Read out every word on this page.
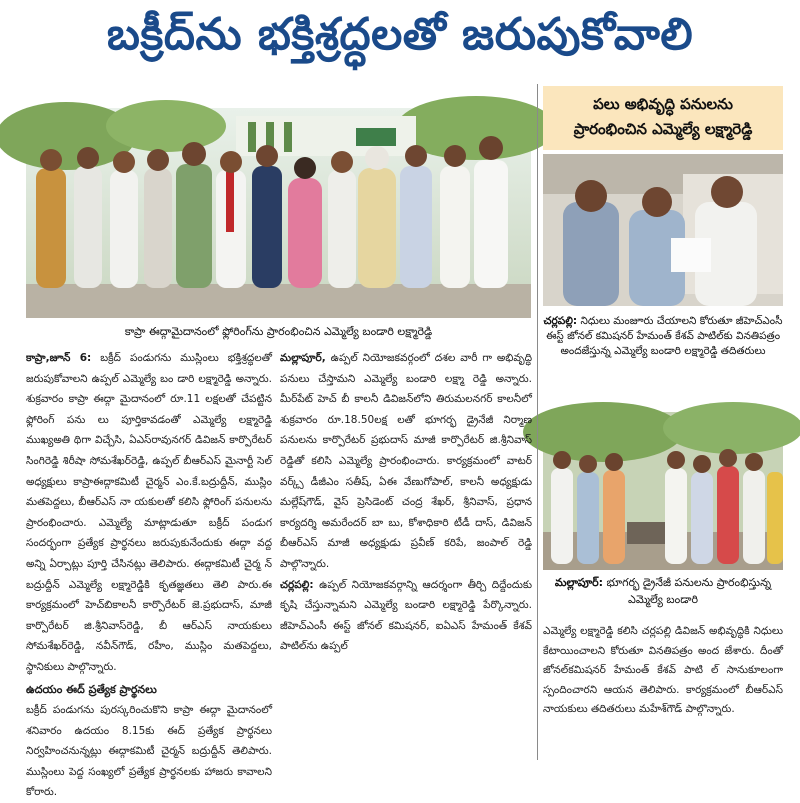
బక్రీద్‌ను భక్తిశ్రద్ధలతో జరుపుకోవాలి
కాప్రా ఈద్గామైదానంలో ఫ్లోరింగ్‌ను ప్రారంభించిన ఎమ్మెల్యే బండారి లక్ష్మారెడ్డి
పలు అభివృద్ధి పనులను
ప్రారంభించిన ఎమ్మెల్యే లక్ష్మారెడ్డి
చర్లపల్లి: నిధులు మంజూరు చేయాలని కోరుతూ జీహెచ్‌ఎంసీ ఈస్ట్ జోనల్ కమిషనర్ హేమంత్ కేశవ్ పాటిల్‌కు వినతిపత్రం అందజేస్తున్న ఎమ్మెల్యే బండారి లక్ష్మారెడ్డి తదితరులు
మల్లాపూర్: భూగర్భ డ్రైనేజీ పనులను ప్రారంభిస్తున్న ఎమ్మెల్యే బండారి
ఎమ్మెల్యే లక్ష్మారెడ్డి కలిసి చర్లపల్లి డివిజన్ అభివృద్ధికి నిధులు కేటాయించాలని కోరుతూ వినతిపత్రం అంద జేశారు. దీంతో జోనల్‌కమిషనర్ హేమంత్ కేశవ్ పాటి ల్ సానుకూలంగా స్పందించారని ఆయన తెలిపారు. కార్యక్రమంలో బీఆర్‌ఎస్ నాయకులు తదితరులు మహేశ్‌గౌడ్ పాల్గొన్నారు.

కాప్రా,జూన్ 6: బక్రీద్ పండుగను ముస్లింలు భక్తిశ్రద్ధలతో జరుపుకోవాలని ఉప్పల్ ఎమ్మెల్యే బం డారి లక్ష్మారెడ్డి అన్నారు. శుక్రవారం కాప్రా ఈద్గా మైదానంలో రూ.11 లక్షలతో చేపట్టిన ఫ్లోరింగ్ పను లు పూర్తికావడంతో ఎమ్మెల్యే లక్ష్మారెడ్డి ముఖ్యఅతి థిగా విచ్చేసి, ఏఎస్‌రావునగర్ డివిజన్ కార్పొరేటర్ సింగిరెడ్డి శిరీషా సోమశేఖర్‌రెడ్డి, ఉప్పల్ బీఆర్‌ఎస్ మైనార్టీ సెల్ అధ్యక్షులు కాప్రాఈద్గాకమిటీ చైర్మన్ ఎం.కే.బద్రుద్దీన్, ముస్లిం మతపెద్దలు, బీఆర్‌ఎస్ నా యకులతో కలిసి ఫ్లోరింగ్ పనులను ప్రారంభించారు. ఎమ్మెల్యే మాట్లాడుతూ బక్రీద్ పండుగ సందర్భంగా ప్రత్యేక ప్రార్థనలు జరుపుకునేందుకు ఈద్గా వద్ద అన్ని ఏర్పాట్లు పూర్తి చేసినట్లు తెలిపారు. ఈద్గాకమిటీ చైర్మ న్ బద్రుద్దీన్ ఎమ్మెల్యే లక్ష్మారెడ్డికి కృతజ్ఞతలు తెలి పారు.ఈ కార్యక్రమంలో హెచ్‌బికాలనీ కార్పొరేటర్ జె.ప్రభుదాస్, మాజీ కార్పొరేటర్ జి.శ్రీనివాస్‌రెడ్డి, బీ ఆర్‌ఎస్ నాయకులు సోమశేఖర్‌రెడ్డి, నవీన్‌గౌడ్, రహీం, ముస్లిం మతపెద్దలు, స్థానికులు పాల్గొన్నారు.

ఉదయం ఈద్ ప్రత్యేక ప్రార్థనలు

బక్రీద్ పండుగను పురస్కరించుకొని కాప్రా ఈద్గా మైదానంలో శనివారం ఉదయం 8.15కు ఈద్ ప్రత్యేక ప్రార్థనలు నిర్వహించనున్నట్లు ఈద్గాకమిటీ చైర్మన్ బద్రుద్దీన్ తెలిపారు. ముస్లింలు పెద్ద సంఖ్యలో ప్రత్యేక ప్రార్థనలకు హాజరు కావాలని కోరారు.

మల్లాపూర్, ఉప్పల్ నియోజకవర్గంలో దశల వారీ గా అభివృద్ధి పనులు చేస్తామని ఎమ్మెల్యే బండారి లక్ష్మా రెడ్డి అన్నారు. మీర్‌పేట్ హెచ్ బీ కాలనీ డివిజన్‌లోని తిరుమలనగర్ కాలనీలో శుక్రవారం రూ.18.50లక్ష లతో భూగర్భ డ్రైనేజీ నిర్మాణ పనులను కార్పొరేటర్ ప్రభుదాస్ మాజీ కార్పొరేటర్ జి.శ్రీనివాస్ రెడ్డితో కలిసి ఎమ్మెల్యే ప్రారంభించారు. కార్యక్రమంలో వాటర్ వర్క్స్ డీజీఎం సతీష్, ఏఈ వేణుగోపాల్, కాలనీ అధ్యక్షుడు మల్లేష్‌గౌడ్, వైస్ ప్రెసిడెంట్ చంద్ర శేఖర్, శ్రీనివాస్, ప్రధాన కార్యదర్శి అమరేందర్ బా బు, కోశాధికారి టీడీ దాస్, డివిజన్ బీఆర్‌ఎస్ మాజీ అధ్యక్షుడు ప్రవీణ్ కరిపే, జంపాల్ రెడ్డి పాల్గొన్నారు.

చర్లపల్లి: ఉప్పల్ నియోజకవర్గాన్ని ఆదర్శంగా తీర్చి దిద్దేందుకు కృషి చేస్తున్నామని ఎమ్మెల్యే బండారి లక్ష్మారెడ్డి పేర్కొన్నారు. జీహెచ్‌ఎంసీ ఈస్ట్ జోనల్ కమిషనర్, ఐఏఎస్ హేమంత్ కేశవ్ పాటిల్‌ను ఉప్పల్
